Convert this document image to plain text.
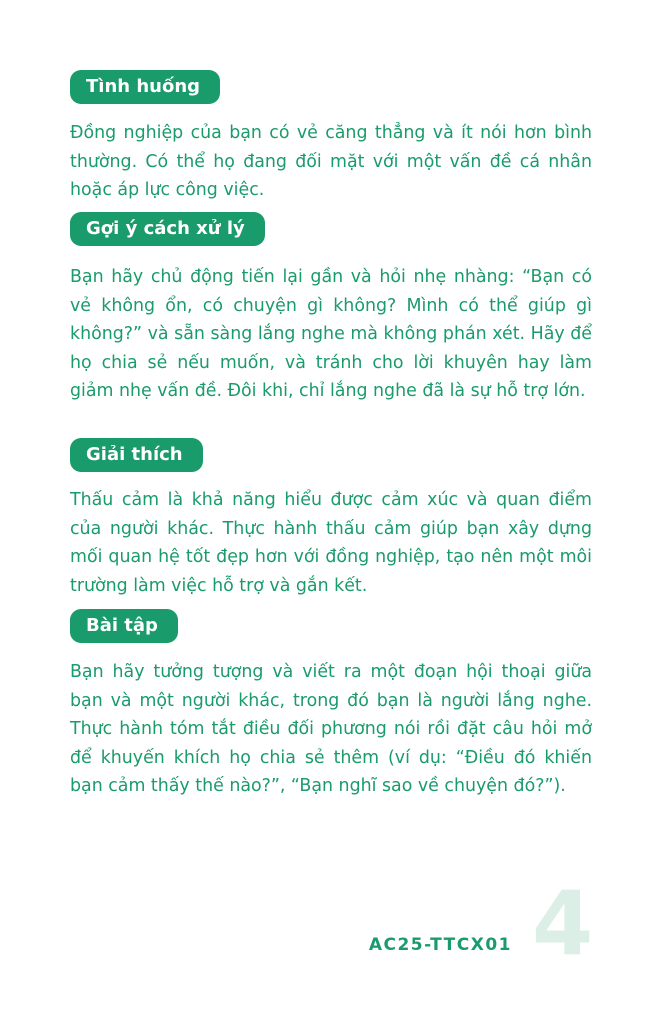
Tình huống

Đồng nghiệp của bạn có vẻ căng thẳng và ít nói hơn bình thường. Có thể họ đang đối mặt với một vấn đề cá nhân hoặc áp lực công việc.

Gợi ý cách xử lý

Bạn hãy chủ động tiến lại gần và hỏi nhẹ nhàng: “Bạn có vẻ không ổn, có chuyện gì không? Mình có thể giúp gì không?” và sẵn sàng lắng nghe mà không phán xét. Hãy để họ chia sẻ nếu muốn, và tránh cho lời khuyên hay làm giảm nhẹ vấn đề. Đôi khi, chỉ lắng nghe đã là sự hỗ trợ lớn.

Giải thích

Thấu cảm là khả năng hiểu được cảm xúc và quan điểm của người khác. Thực hành thấu cảm giúp bạn xây dựng mối quan hệ tốt đẹp hơn với đồng nghiệp, tạo nên một môi trường làm việc hỗ trợ và gắn kết.

Bài tập

Bạn hãy tưởng tượng và viết ra một đoạn hội thoại giữa bạn và một người khác, trong đó bạn là người lắng nghe. Thực hành tóm tắt điều đối phương nói rồi đặt câu hỏi mở để khuyến khích họ chia sẻ thêm (ví dụ: “Điều đó khiến bạn cảm thấy thế nào?”, “Bạn nghĩ sao về chuyện đó?”).

AC25-TTCX01 4
